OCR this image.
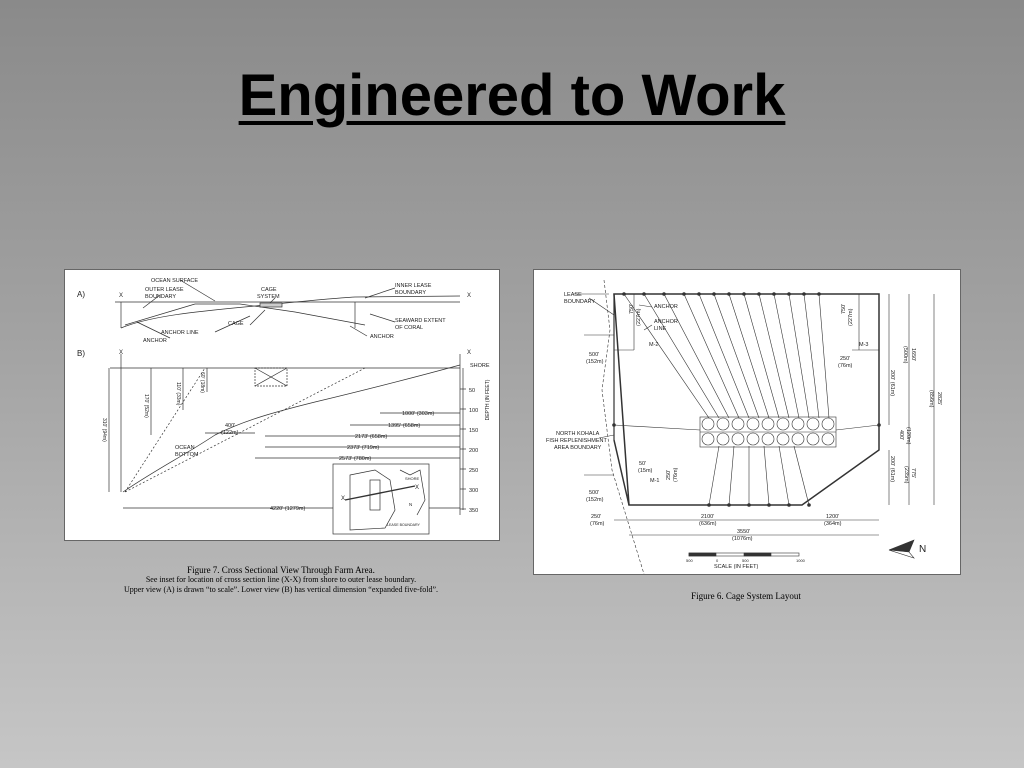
Engineered to Work
OCEAN SURFACE
OUTER LEASE
BOUNDARY
CAGE
SYSTEM
INNER LEASE
BOUNDARY
SEAWARD EXTENT
OF CORAL
CAGE
ANCHOR LINE
ANCHOR
ANCHOR
SHORE
OCEAN
BOTTOM
1000' (303m)
1395' (658m)
2173' (658m)
2373' (719m)
2573' (780m)
4220' (1279m)
400'
(122m)
50
100
150
200
250
300
350
SHORE
N
LEASE BOUNDARY
X
X
A)
B)
X	X
X	X
310' (94m)
170' (52m)
110' (33m)	60' (18m)	DEPTH (IN FEET)
Figure 7. Cross Sectional View Through Farm Area.
See inset for location of cross section line (X-X) from shore to outer lease boundary.
Upper view (A) is drawn “to scale”. Lower view (B) has vertical dimension “expanded five-fold”.
LEASE
BOUNDARY
ANCHOR
ANCHOR
LINE
M-2	M-3
M-1
500'
(152m)	250'
(76m)
NORTH KOHALA
FISH REPLENISHMENT
AREA BOUNDARY
50'
(15m)
500'
(152m)
250'
(76m)
2100'
(636m)
1200'
(364m)
3550'
(1076m)
SCALE (IN FEET)
N
500	0	500	1000
750' (227m)	750' (227m)
200' (61m)
400' (120m)
200' (61m)
1650'
(500m)
2825'
(856m)
775'
(235m)
250' (76m)
Figure 6. Cage System Layout
